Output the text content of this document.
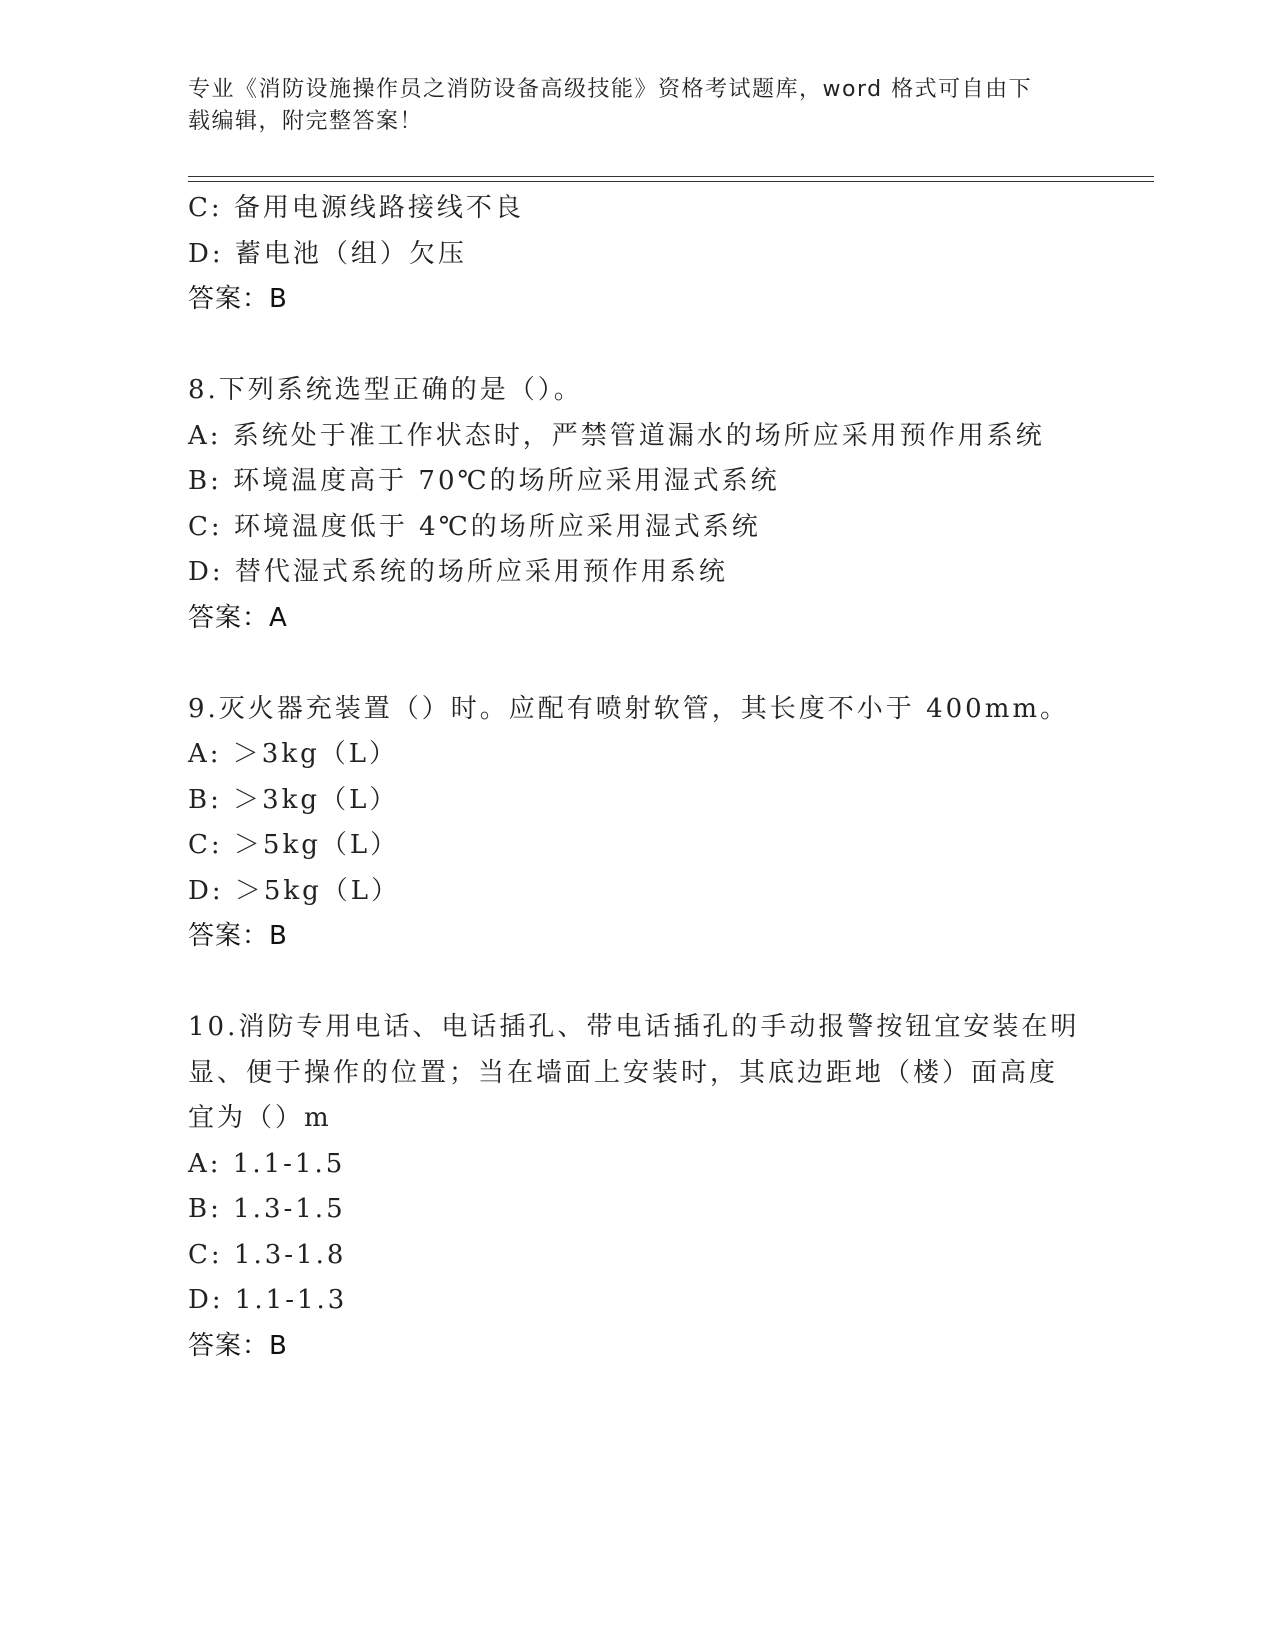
专业《消防设施操作员之消防设备高级技能》资格考试题库，word 格式可自由下
载编辑，附完整答案！
C: 备用电源线路接线不良
D: 蓄电池（组）欠压
答案：B
8.下列系统选型正确的是（）。
A: 系统处于准工作状态时，严禁管道漏水的场所应采用预作用系统
B: 环境温度高于 70℃的场所应采用湿式系统
C: 环境温度低于 4℃的场所应采用湿式系统
D: 替代湿式系统的场所应采用预作用系统
答案：A
9.灭火器充装置（）时。应配有喷射软管，其长度不小于 400mm。
A: ＞3kg（L）
B: ＞3kg（L）
C: ＞5kg（L）
D: ＞5kg（L）
答案：B
10.消防专用电话、电话插孔、带电话插孔的手动报警按钮宜安装在明
显、便于操作的位置；当在墙面上安装时，其底边距地（楼）面高度
宜为（）m
A: 1.1-1.5
B: 1.3-1.5
C: 1.3-1.8
D: 1.1-1.3
答案：B
